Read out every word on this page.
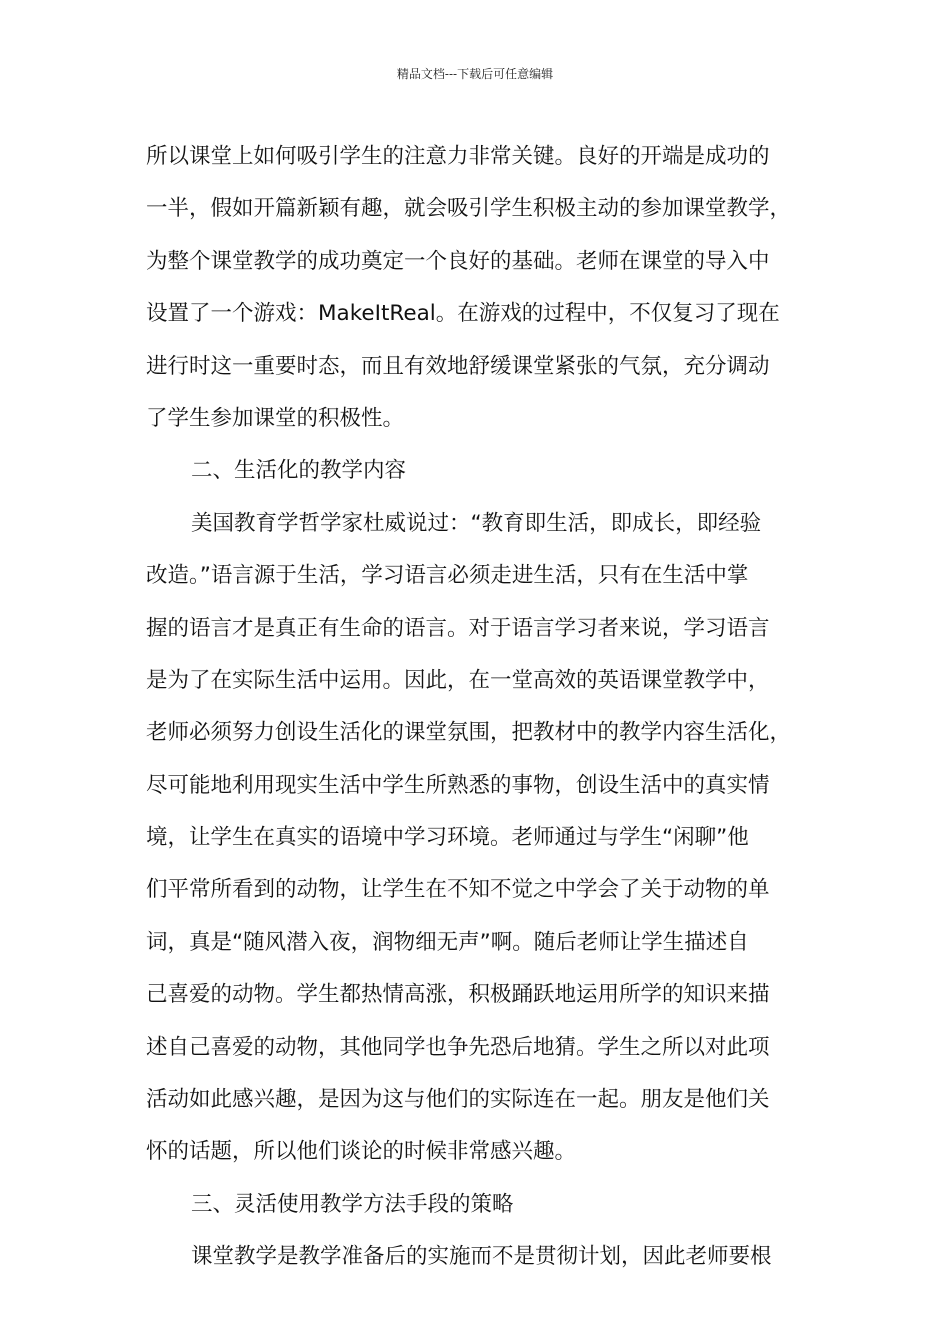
精品文档---下载后可任意编辑
所以课堂上如何吸引学生的注意力非常关键。良好的开端是成功的
一半，假如开篇新颖有趣，就会吸引学生积极主动的参加课堂教学，
为整个课堂教学的成功奠定一个良好的基础。老师在课堂的导入中
设置了一个游戏：MakeItReal。在游戏的过程中，不仅复习了现在
进行时这一重要时态，而且有效地舒缓课堂紧张的气氛，充分调动
了学生参加课堂的积极性。
二、生活化的教学内容
美国教育学哲学家杜威说过：“教育即生活，即成长，即经验
改造。”语言源于生活，学习语言必须走进生活，只有在生活中掌
握的语言才是真正有生命的语言。对于语言学习者来说，学习语言
是为了在实际生活中运用。因此，在一堂高效的英语课堂教学中，
老师必须努力创设生活化的课堂氛围，把教材中的教学内容生活化，
尽可能地利用现实生活中学生所熟悉的事物，创设生活中的真实情
境，让学生在真实的语境中学习环境。老师通过与学生“闲聊”他
们平常所看到的动物，让学生在不知不觉之中学会了关于动物的单
词，真是“随风潜入夜，润物细无声”啊。随后老师让学生描述自
己喜爱的动物。学生都热情高涨，积极踊跃地运用所学的知识来描
述自己喜爱的动物，其他同学也争先恐后地猜。学生之所以对此项
活动如此感兴趣，是因为这与他们的实际连在一起。朋友是他们关
怀的话题，所以他们谈论的时候非常感兴趣。
三、灵活使用教学方法手段的策略
课堂教学是教学准备后的实施而不是贯彻计划，因此老师要根
